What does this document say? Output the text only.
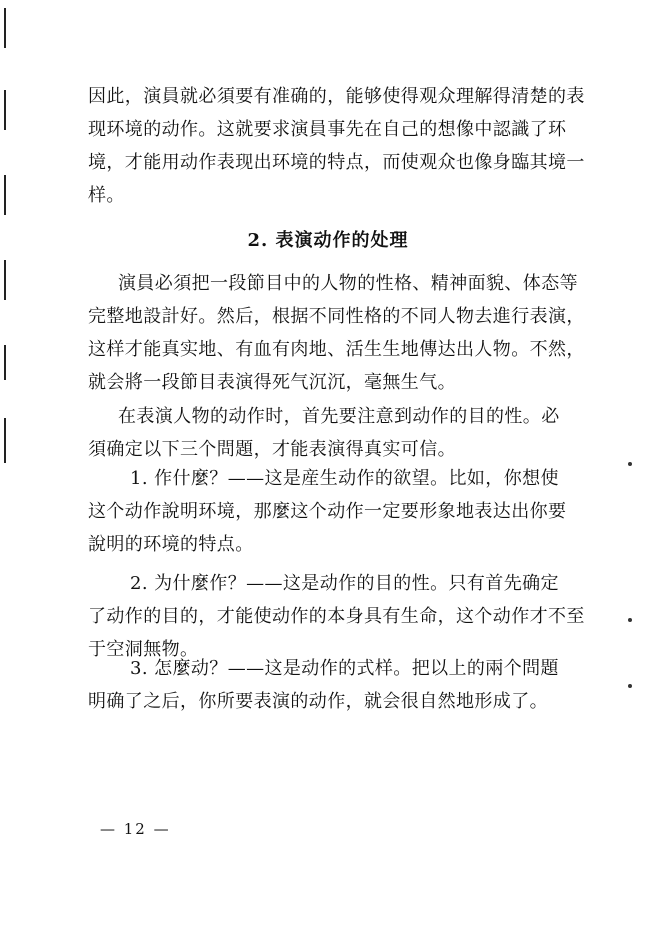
因此，演員就必須要有准确的，能够使得观众理解得清楚的表
现环境的动作。这就要求演員事先在自己的想像中認識了环
境，才能用动作表现出环境的特点，而使观众也像身臨其境一
样。
2. 表演动作的处理
演員必須把一段節目中的人物的性格、精神面貌、体态等
完整地設計好。然后，根据不同性格的不同人物去進行表演，
这样才能真实地、有血有肉地、活生生地傳达出人物。不然，
就会將一段節目表演得死气沉沉，毫無生气。
在表演人物的动作时，首先要注意到动作的目的性。必
須确定以下三个問題，才能表演得真实可信。
1. 作什麼？——这是産生动作的欲望。比如，你想使
这个动作說明环境，那麼这个动作一定要形象地表达出你要
說明的环境的特点。
2. 为什麼作？——这是动作的目的性。只有首先确定
了动作的目的，才能使动作的本身具有生命，这个动作才不至
于空洞無物。
3. 怎麼动？——这是动作的式样。把以上的兩个問題
明确了之后，你所要表演的动作，就会很自然地形成了。
— 12 —
